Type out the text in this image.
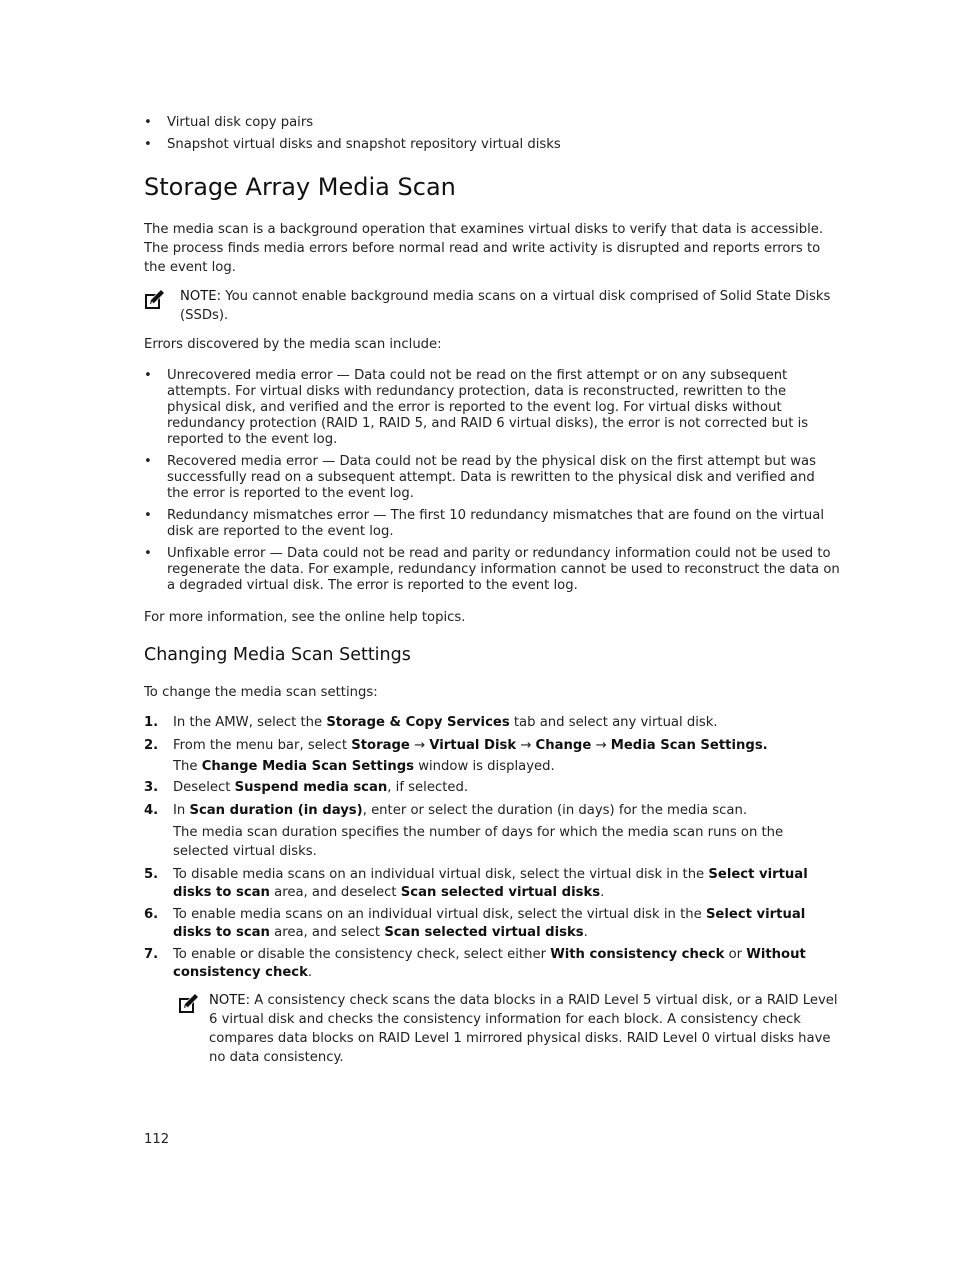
• Virtual disk copy pairs
• Snapshot virtual disks and snapshot repository virtual disks
Storage Array Media Scan

The media scan is a background operation that examines virtual disks to verify that data is accessible. The process finds media errors before normal read and write activity is disrupted and reports errors to the event log.

NOTE: You cannot enable background media scans on a virtual disk comprised of Solid State Disks (SSDs).

Errors discovered by the media scan include:

• Unrecovered media error — Data could not be read on the first attempt or on any subsequent attempts. For virtual disks with redundancy protection, data is reconstructed, rewritten to the physical disk, and verified and the error is reported to the event log. For virtual disks without redundancy protection (RAID 1, RAID 5, and RAID 6 virtual disks), the error is not corrected but is reported to the event log.
• Recovered media error — Data could not be read by the physical disk on the first attempt but was successfully read on a subsequent attempt. Data is rewritten to the physical disk and verified and the error is reported to the event log.
• Redundancy mismatches error — The first 10 redundancy mismatches that are found on the virtual disk are reported to the event log.
• Unfixable error — Data could not be read and parity or redundancy information could not be used to regenerate the data. For example, redundancy information cannot be used to reconstruct the data on a degraded virtual disk. The error is reported to the event log.

For more information, see the online help topics.

Changing Media Scan Settings

To change the media scan settings:

1. In the AMW, select the Storage & Copy Services tab and select any virtual disk.
2. From the menu bar, select Storage → Virtual Disk → Change → Media Scan Settings.

The Change Media Scan Settings window is displayed.

3. Deselect Suspend media scan, if selected.
4. In Scan duration (in days), enter or select the duration (in days) for the media scan.

The media scan duration specifies the number of days for which the media scan runs on the selected virtual disks.

5. To disable media scans on an individual virtual disk, select the virtual disk in the Select virtual disks to scan area, and deselect Scan selected virtual disks.
6. To enable media scans on an individual virtual disk, select the virtual disk in the Select virtual disks to scan area, and select Scan selected virtual disks.
7. To enable or disable the consistency check, select either With consistency check or Without consistency check.
NOTE: A consistency check scans the data blocks in a RAID Level 5 virtual disk, or a RAID Level 6 virtual disk and checks the consistency information for each block. A consistency check compares data blocks on RAID Level 1 mirrored physical disks. RAID Level 0 virtual disks have no data consistency.
112
